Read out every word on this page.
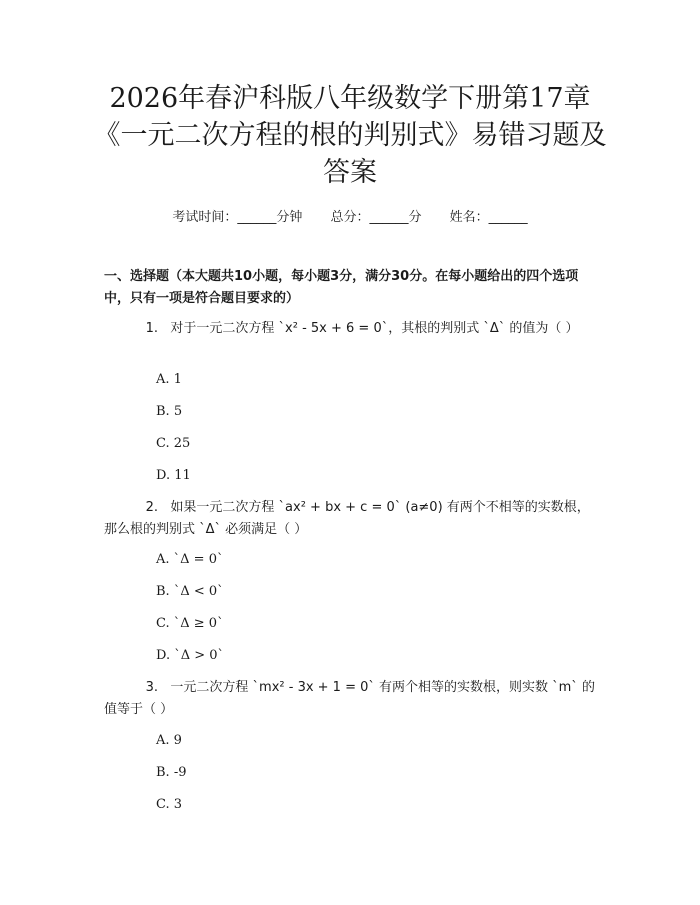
2026年春沪科版八年级数学下册第17章
《一元二次方程的根的判别式》易错习题及
答案
考试时间：______分钟 总分：______分 姓名：______
一、选择题（本大题共10小题，每小题3分，满分30分。在每小题给出的四个选项中，只有一项是符合题目要求的）
1. 对于一元二次方程 `x² - 5x + 6 = 0`，其根的判别式 `Δ` 的值为（ ）
A. 1
B. 5
C. 25
D. 11
2. 如果一元二次方程 `ax² + bx + c = 0` (a≠0) 有两个不相等的实数根，那么根的判别式 `Δ` 必须满足（ ）
A. `Δ = 0`
B. `Δ < 0`
C. `Δ ≥ 0`
D. `Δ > 0`
3. 一元二次方程 `mx² - 3x + 1 = 0` 有两个相等的实数根，则实数 `m` 的值等于（ ）
A. 9
B. -9
C. 3
